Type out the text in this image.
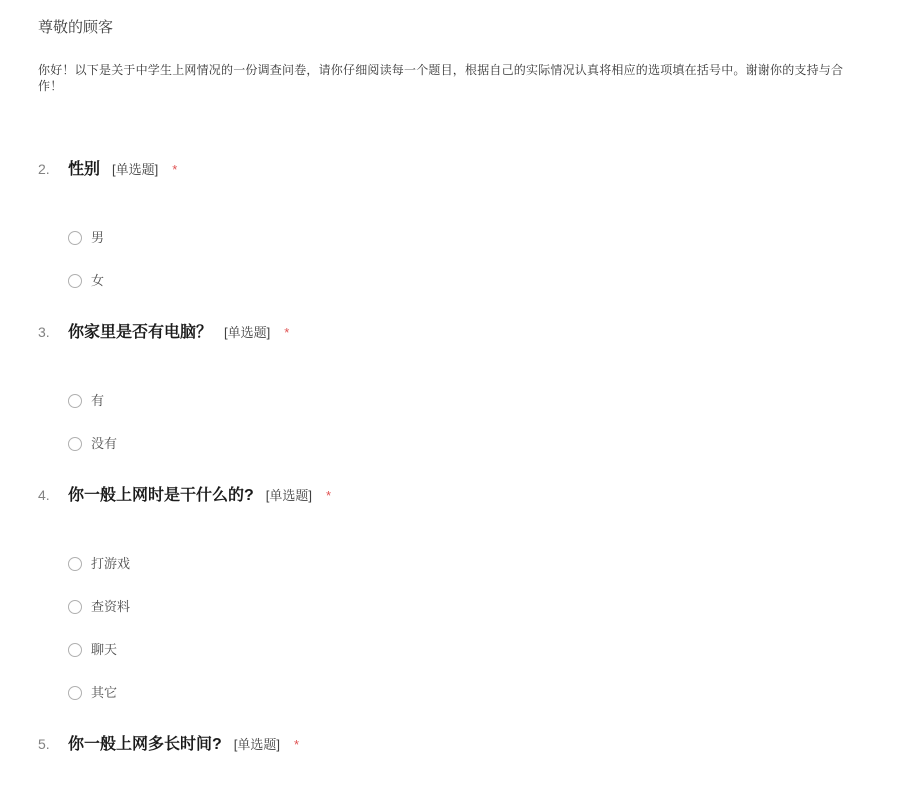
尊敬的顾客

你好！以下是关于中学生上网情况的一份调查问卷，请你仔细阅读每一个题目，根据自己的实际情况认真将相应的选项填在括号中。谢谢你的支持与合作！

2.	性别 [单选题] *
男
女
3.	你家里是否有电脑？ [单选题] *
有
没有
4.	你一般上网时是干什么的? [单选题] *
打游戏
查资料
聊天
其它
5.	你一般上网多长时间? [单选题] *
